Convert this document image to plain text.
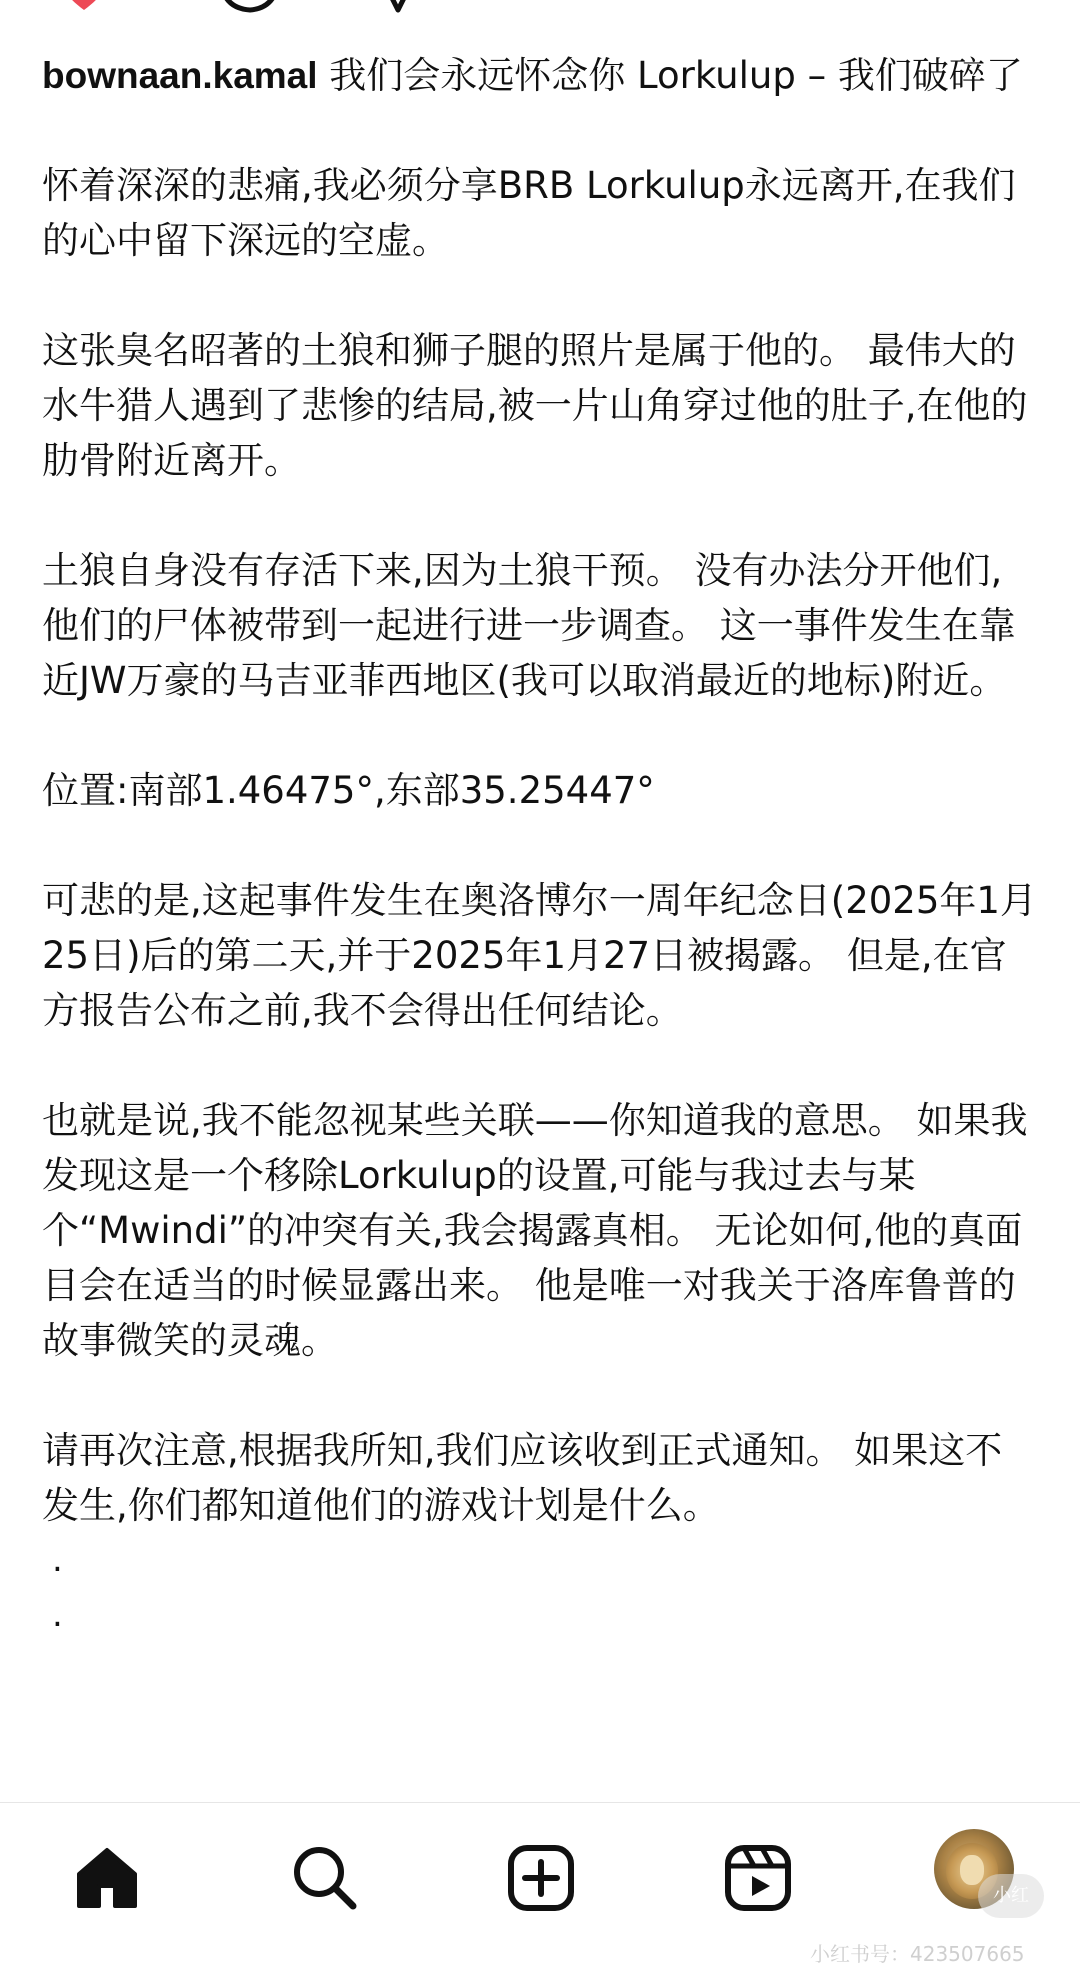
bownaan.kamal 我们会永远怀念你 Lorkulup – 我们破碎了

怀着深深的悲痛,我必须分享BRB Lorkulup永远离开,在我们的心中留下深远的空虚。

这张臭名昭著的土狼和狮子腿的照片是属于他的。 最伟大的水牛猎人遇到了悲惨的结局,被一片山角穿过他的肚子,在他的肋骨附近离开。

土狼自身没有存活下来,因为土狼干预。 没有办法分开他们,他们的尸体被带到一起进行进一步调查。 这一事件发生在靠近JW万豪的马吉亚菲西地区(我可以取消最近的地标)附近。

位置:南部1.46475°,东部35.25447°

可悲的是,这起事件发生在奥洛博尔一周年纪念日(2025年1月25日)后的第二天,并于2025年1月27日被揭露。 但是,在官方报告公布之前,我不会得出任何结论。

也就是说,我不能忽视某些关联——你知道我的意思。 如果我发现这是一个移除Lorkulup的设置,可能与我过去与某个“Mwindi”的冲突有关,我会揭露真相。 无论如何,他的真面目会在适当的时候显露出来。 他是唯一对我关于洛库鲁普的故事微笑的灵魂。

请再次注意,根据我所知,我们应该收到正式通知。 如果这不发生,你们都知道他们的游戏计划是什么。

.
.
小红
小红书号：423507665
